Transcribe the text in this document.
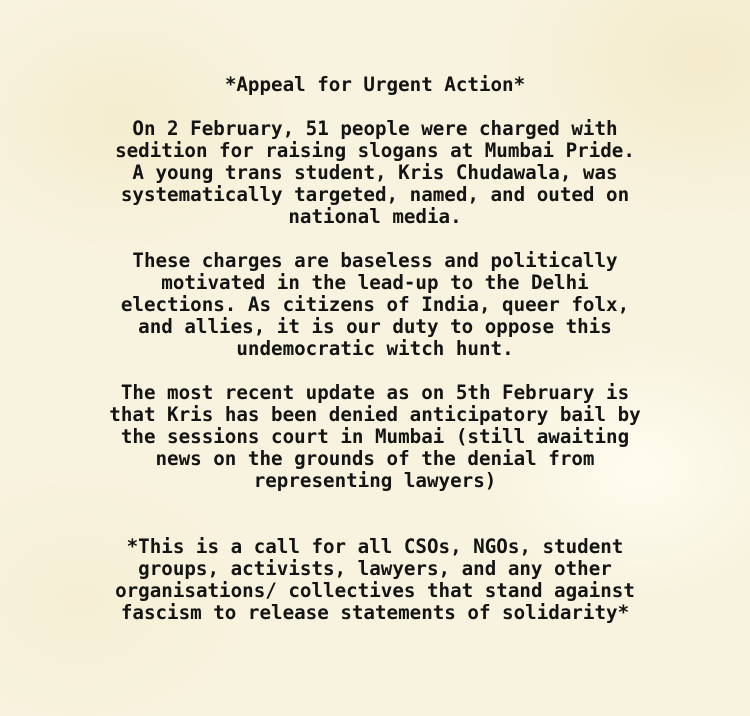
*Appeal for Urgent Action*
On 2 February, 51 people were charged with
sedition for raising slogans at Mumbai Pride.
A young trans student, Kris Chudawala, was
systematically targeted, named, and outed on
national media.
These charges are baseless and politically
motivated in the lead-up to the Delhi
elections. As citizens of India, queer folx,
and allies, it is our duty to oppose this
undemocratic witch hunt.
The most recent update as on 5th February is
that Kris has been denied anticipatory bail by
the sessions court in Mumbai (still awaiting
news on the grounds of the denial from
representing lawyers)
*This is a call for all CSOs, NGOs, student
groups, activists, lawyers, and any other
organisations/ collectives that stand against
fascism to release statements of solidarity*
